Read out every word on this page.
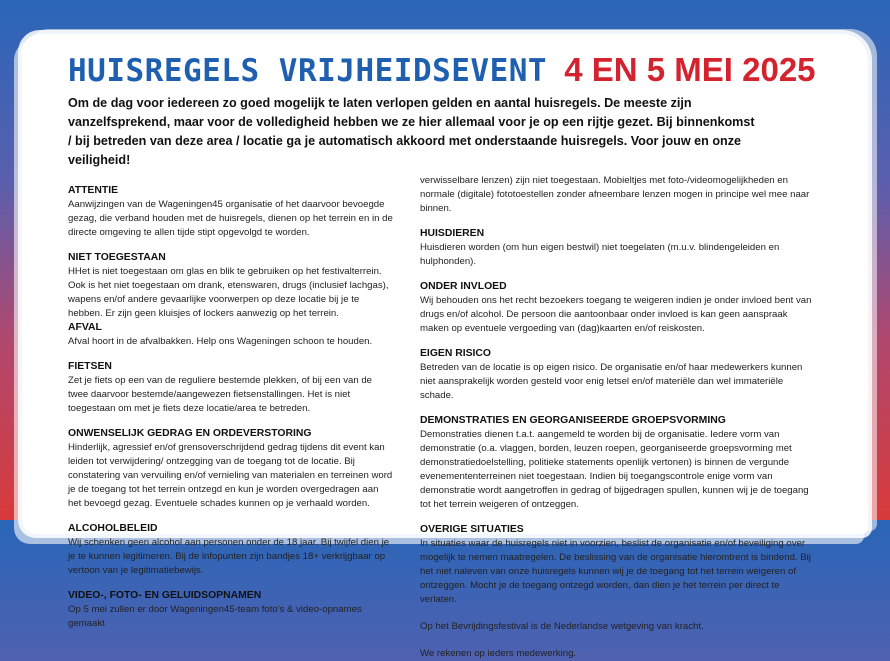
HUISREGELS VRIJHEIDSEVENT 4 EN 5 MEI 2025

Om de dag voor iedereen zo goed mogelijk te laten verlopen gelden en aantal huisregels. De meeste zijn vanzelfsprekend, maar voor de volledigheid hebben we ze hier allemaal voor je op een rijtje gezet. Bij binnenkomst / bij betreden van deze area / locatie ga je automatisch akkoord met onderstaande huisregels. Voor jouw en onze veiligheid!

ATTENTIE

Aanwijzingen van de Wageningen45 organisatie of het daarvoor bevoegde gezag, die verband houden met de huisregels, dienen op het terrein en in de directe omgeving te allen tijde stipt opgevolgd te worden.

NIET TOEGESTAAN

HHet is niet toegestaan om glas en blik te gebruiken op het festivalterrein. Ook is het niet toegestaan om drank, etenswaren, drugs (inclusief lachgas), wapens en/of andere gevaarlijke voorwerpen op deze locatie bij je te hebben. Er zijn geen kluisjes of lockers aanwezig op het terrein.

AFVAL

Afval hoort in de afvalbakken. Help ons Wageningen schoon te houden.

FIETSEN

Zet je fiets op een van de reguliere bestemde plekken, of bij een van de twee daarvoor bestemde/aangewezen fietsenstallingen. Het is niet toegestaan om met je fiets deze locatie/area te betreden.

ONWENSELIJK GEDRAG EN ORDEVERSTORING

Hinderlijk, agressief en/of grensoverschrijdend gedrag tijdens dit event kan leiden tot verwijdering/ ontzegging van de toegang tot de locatie. Bij constatering van vervuiling en/of vernieling van materialen en terreinen word je de toegang tot het terrein ontzegd en kun je worden overgedragen aan het bevoegd gezag. Eventuele schades kunnen op je verhaald worden.

ALCOHOLBELEID

Wij schenken geen alcohol aan personen onder de 18 jaar. Bij twijfel dien je je te kunnen legitimeren. Bij de infopunten zijn bandjes 18+ verkrijgbaar op vertoon van je legitimatiebewijs.

VIDEO-, FOTO- EN GELUIDSOPNAMEN

Op 5 mei zullen er door Wageningen45-team foto's & video-opnames gemaakt

verwisselbare lenzen) zijn niet toegestaan. Mobieltjes met foto-/videomogelijkheden en normale (digitale) fototoestellen zonder afneembare lenzen mogen in principe wel mee naar binnen.

HUISDIEREN

Huisdieren worden (om hun eigen bestwil) niet toegelaten (m.u.v. blindengeleiden en hulphonden).

ONDER INVLOED

Wij behouden ons het recht bezoekers toegang te weigeren indien je onder invloed bent van drugs en/of alcohol. De persoon die aantoonbaar onder invloed is kan geen aanspraak maken op eventuele vergoeding van (dag)kaarten en/of reiskosten.

EIGEN RISICO

Betreden van de locatie is op eigen risico. De organisatie en/of haar medewerkers kunnen niet aansprakelijk worden gesteld voor enig letsel en/of materiële dan wel immateriële schade.

DEMONSTRATIES EN GEORGANISEERDE GROEPSVORMING

Demonstraties dienen t.a.t. aangemeld te worden bij de organisatie. Iedere vorm van demonstratie (o.a. vlaggen, borden, leuzen roepen, georganiseerde groepsvorming met demonstratiedoelstelling, politieke statements openlijk vertonen) is binnen de vergunde evenemententerreinen niet toegestaan. Indien bij toegangscontrole enige vorm van demonstratie wordt aangetroffen in gedrag of bijgedragen spullen, kunnen wij je de toegang tot het terrein weigeren of ontzeggen.

OVERIGE SITUATIES

In situaties waar de huisregels niet in voorzien, beslist de organisatie en/of beveiliging over mogelijk te nemen maatregelen. De beslissing van de organisatie hieromtrent is bindend. Bij het niet naleven van onze huisregels kunnen wij je de toegang tot het terrein weigeren of ontzeggen. Mocht je de toegang ontzegd worden, dan dien je het terrein per direct te verlaten.

Op het Bevrijdingsfestival is de Nederlandse wetgeving van kracht.

We rekenen op ieders medewerking.
